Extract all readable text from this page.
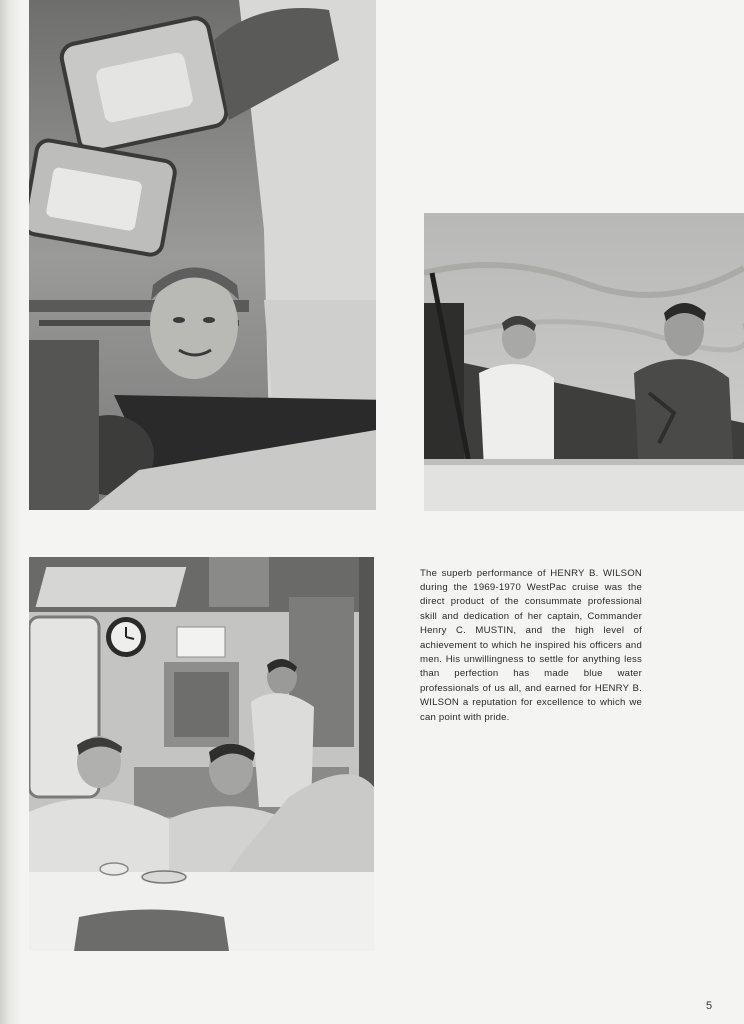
The superb performance of HENRY B. WILSON during the 1969-1970 WestPac cruise was the direct product of the consummate professional skill and dedication of her captain, Commander Henry C. MUSTIN, and the high level of achievement to which he inspired his officers and men. His unwillingness to settle for anything less than perfection has made blue water professionals of us all, and earned for HENRY B. WILSON a reputation for excellence to which we can point with pride.

5
